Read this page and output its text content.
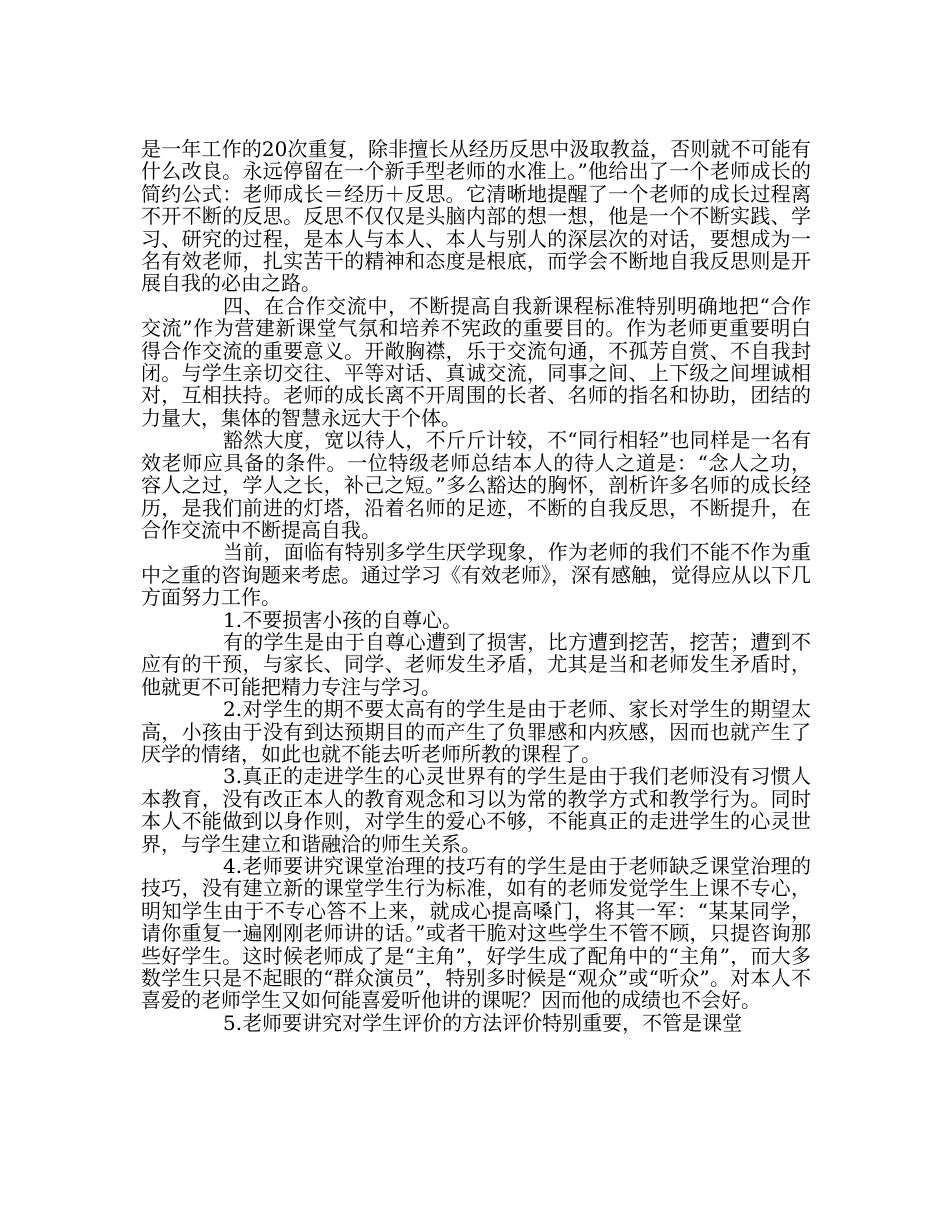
是一年工作的20次重复，除非擅长从经历反思中汲取教益，否则就不可能有什么改良。永远停留在一个新手型老师的水准上。”他给出了一个老师成长的简约公式：老师成长＝经历＋反思。它清晰地提醒了一个老师的成长过程离不开不断的反思。反思不仅仅是头脑内部的想一想，他是一个不断实践、学习、研究的过程，是本人与本人、本人与别人的深层次的对话，要想成为一名有效老师，扎实苦干的精神和态度是根底，而学会不断地自我反思则是开展自我的必由之路。

四、在合作交流中，不断提高自我新课程标准特别明确地把“合作交流”作为营建新课堂气氛和培养不宪政的重要目的。作为老师更重要明白得合作交流的重要意义。开敞胸襟，乐于交流句通，不孤芳自赏、不自我封闭。与学生亲切交往、平等对话、真诚交流，同事之间、上下级之间埋诚相对，互相扶持。老师的成长离不开周围的长者、名师的指名和协助，团结的力量大，集体的智慧永远大于个体。

豁然大度，宽以待人，不斤斤计较，不“同行相轻”也同样是一名有效老师应具备的条件。一位特级老师总结本人的待人之道是：“念人之功，容人之过，学人之长，补己之短。”多么豁达的胸怀，剖析许多名师的成长经历，是我们前进的灯塔，沿着名师的足迹，不断的自我反思，不断提升，在合作交流中不断提高自我。

当前，面临有特别多学生厌学现象，作为老师的我们不能不作为重中之重的咨询题来考虑。通过学习《有效老师》，深有感触，觉得应从以下几方面努力工作。

1.不要损害小孩的自尊心。

有的学生是由于自尊心遭到了损害，比方遭到挖苦，挖苦；遭到不应有的干预，与家长、同学、老师发生矛盾，尤其是当和老师发生矛盾时，他就更不可能把精力专注与学习。

2.对学生的期不要太高有的学生是由于老师、家长对学生的期望太高，小孩由于没有到达预期目的而产生了负罪感和内疚感，因而也就产生了厌学的情绪，如此也就不能去听老师所教的课程了。

3.真正的走进学生的心灵世界有的学生是由于我们老师没有习惯人本教育，没有改正本人的教育观念和习以为常的教学方式和教学行为。同时本人不能做到以身作则，对学生的爱心不够，不能真正的走进学生的心灵世界，与学生建立和谐融洽的师生关系。

4.老师要讲究课堂治理的技巧有的学生是由于老师缺乏课堂治理的技巧，没有建立新的课堂学生行为标准，如有的老师发觉学生上课不专心，明知学生由于不专心答不上来，就成心提高嗓门，将其一军：“某某同学，请你重复一遍刚刚老师讲的话。”或者干脆对这些学生不管不顾，只提咨询那些好学生。这时候老师成了是“主角”，好学生成了配角中的“主角”，而大多数学生只是不起眼的“群众演员”，特别多时候是“观众”或“听众”。对本人不喜爱的老师学生又如何能喜爱听他讲的课呢？因而他的成绩也不会好。

5.老师要讲究对学生评价的方法评价特别重要，不管是课堂
